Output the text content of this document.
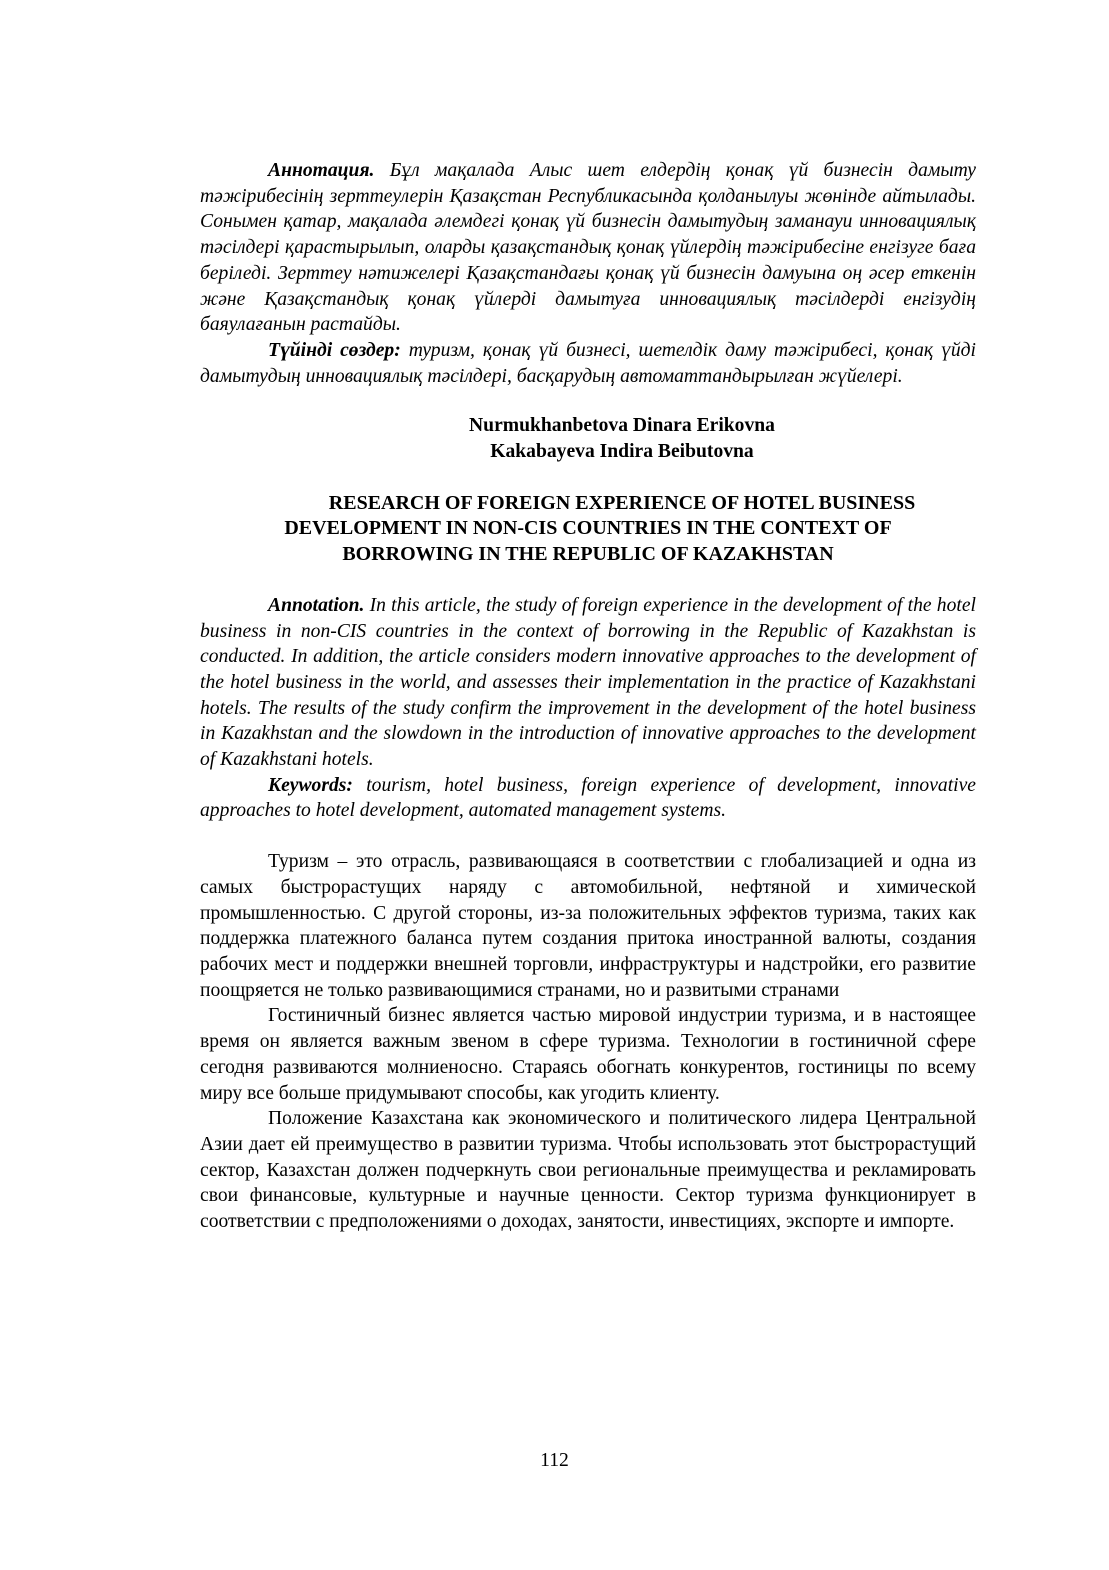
Аннотация. Бұл мақалада Алыс шет елдердің қонақ үй бизнесін дамыту тәжірибесінің зерттеулерін Қазақстан Республикасында қолданылуы жөнінде айтылады. Сонымен қатар, мақалада әлемдегі қонақ үй бизнесін дамытудың заманауи инновациялық тәсілдері қарастырылып, оларды қазақстандық қонақ үйлердің тәжірибесіне енгізуге баға беріледі. Зерттеу нәтижелері Қазақстандағы қонақ үй бизнесін дамуына оң әсер еткенін және Қазақстандық қонақ үйлерді дамытуға инновациялық тәсілдерді енгізудің баяулағанын растайды.

Түйінді сөздер: туризм, қонақ үй бизнесі, шетелдік даму тәжірибесі, қонақ үйді дамытудың инновациялық тәсілдері, басқарудың автоматтандырылған жүйелері.

Nurmukhanbetova Dinara Erikovna
Kakabayeva Indira Beibutovna
RESEARCH OF FOREIGN EXPERIENCE OF HOTEL BUSINESS
DEVELOPMENT IN NON-CIS COUNTRIES IN THE CONTEXT OF
BORROWING IN THE REPUBLIC OF KAZAKHSTAN

Annotation. In this article, the study of foreign experience in the development of the hotel business in non-CIS countries in the context of borrowing in the Republic of Kazakhstan is conducted. In addition, the article considers modern innovative approaches to the development of the hotel business in the world, and assesses their implementation in the practice of Kazakhstani hotels. The results of the study confirm the improvement in the development of the hotel business in Kazakhstan and the slowdown in the introduction of innovative approaches to the development of Kazakhstani hotels.

Keywords: tourism, hotel business, foreign experience of development, innovative approaches to hotel development, automated management systems.

Туризм – это отрасль, развивающаяся в соответствии с глобализацией и одна из самых быстрорастущих наряду с автомобильной, нефтяной и химической промышленностью. С другой стороны, из-за положительных эффектов туризма, таких как поддержка платежного баланса путем создания притока иностранной валюты, создания рабочих мест и поддержки внешней торговли, инфраструктуры и надстройки, его развитие поощряется не только развивающимися странами, но и развитыми странами

Гостиничный бизнес является частью мировой индустрии туризма, и в настоящее время он является важным звеном в сфере туризма. Технологии в гостиничной сфере сегодня развиваются молниеносно. Стараясь обогнать конкурентов, гостиницы по всему миру все больше придумывают способы, как угодить клиенту.

Положение Казахстана как экономического и политического лидера Центральной Азии дает ей преимущество в развитии туризма. Чтобы использовать этот быстрорастущий сектор, Казахстан должен подчеркнуть свои региональные преимущества и рекламировать свои финансовые, культурные и научные ценности. Сектор туризма функционирует в соответствии с предположениями о доходах, занятости, инвестициях, экспорте и импорте.

112
